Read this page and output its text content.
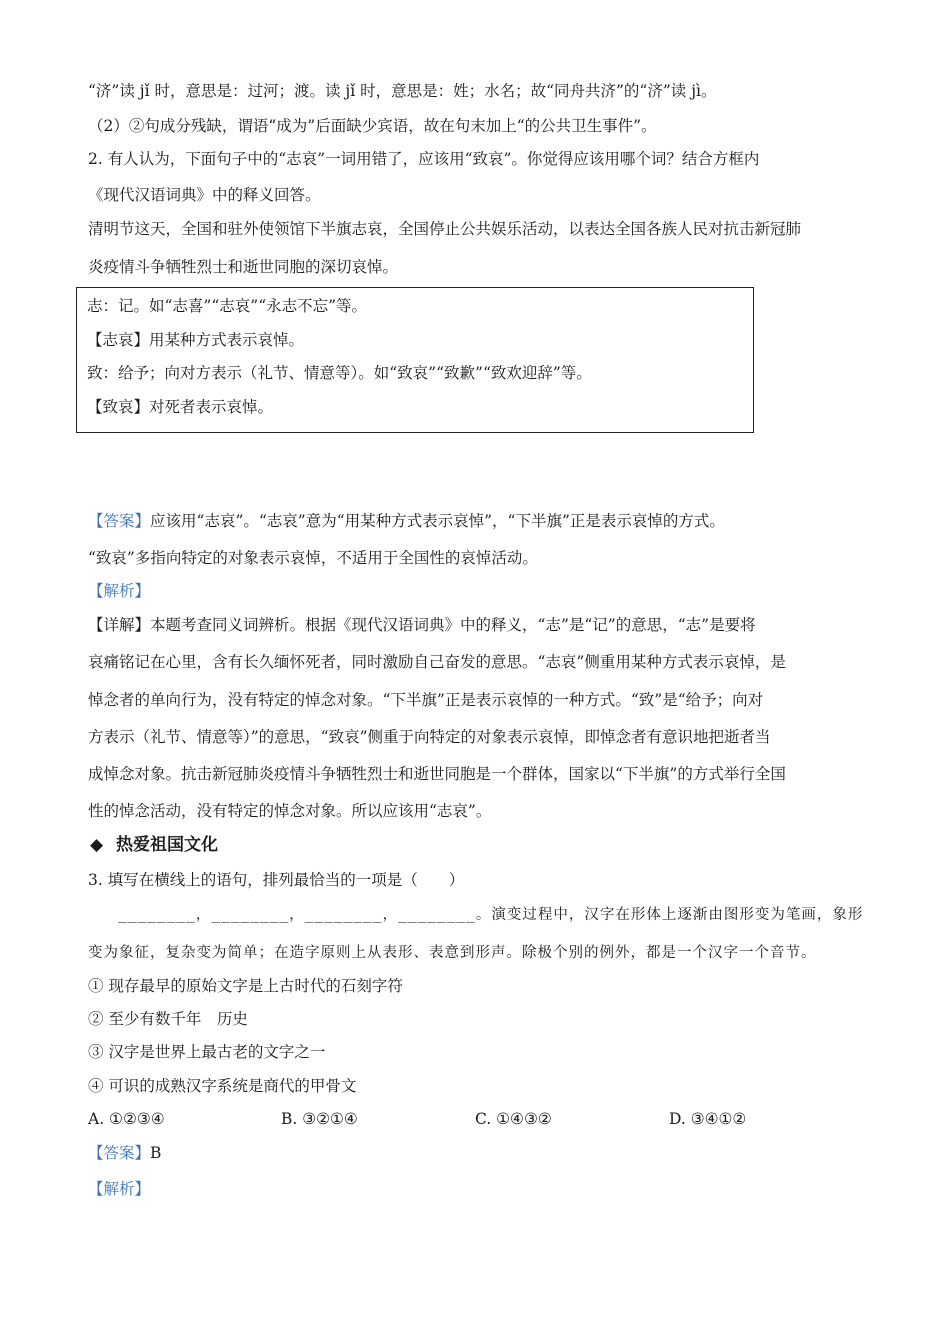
“济”读 jǐ 时，意思是：过河；渡。读 jǐ 时，意思是：姓；水名；故“同舟共济”的“济”读 jì。
（2）②句成分残缺，谓语“成为”后面缺少宾语，故在句末加上“的公共卫生事件”。
2. 有人认为，下面句子中的“志哀”一词用错了，应该用“致哀”。你觉得应该用哪个词？结合方框内
《现代汉语词典》中的释义回答。
清明节这天，全国和驻外使领馆下半旗志哀，全国停止公共娱乐活动，以表达全国各族人民对抗击新冠肺
炎疫情斗争牺牲烈士和逝世同胞的深切哀悼。
志：记。如“志喜”“志哀”“永志不忘”等。
【志哀】用某种方式表示哀悼。
致：给予；向对方表示（礼节、情意等）。如“致哀”“致歉”“致欢迎辞”等。
【致哀】对死者表示哀悼。
【答案】应该用“志哀”。“志哀”意为“用某种方式表示哀悼”，“下半旗”正是表示哀悼的方式。
“致哀”多指向特定的对象表示哀悼，不适用于全国性的哀悼活动。
【解析】
【详解】本题考查同义词辨析。根据《现代汉语词典》中的释义，“志”是“记”的意思，“志”是要将
哀痛铭记在心里，含有长久缅怀死者，同时激励自己奋发的意思。“志哀”侧重用某种方式表示哀悼，是
悼念者的单向行为，没有特定的悼念对象。“下半旗”正是表示哀悼的一种方式。“致”是“给予；向对
方表示（礼节、情意等）”的意思，“致哀”侧重于向特定的对象表示哀悼，即悼念者有意识地把逝者当
成悼念对象。抗击新冠肺炎疫情斗争牺牲烈士和逝世同胞是一个群体，国家以“下半旗”的方式举行全国
性的悼念活动，没有特定的悼念对象。所以应该用“志哀”。
◆ 热爱祖国文化
3. 填写在横线上的语句，排列最恰当的一项是（　　）
________，________，________，________。演变过程中，汉字在形体上逐渐由图形变为笔画，象形
变为象征，复杂变为简单；在造字原则上从表形、表意到形声。除极个别的例外，都是一个汉字一个音节。
① 现存最早的原始文字是上古时代的石刻字符
② 至少有数千年　历史
③ 汉字是世界上最古老的文字之一
④ 可识的成熟汉字系统是商代的甲骨文
A. ①②③④	B. ③②①④	C. ①④③②	D. ③④①②
【答案】B
【解析】
